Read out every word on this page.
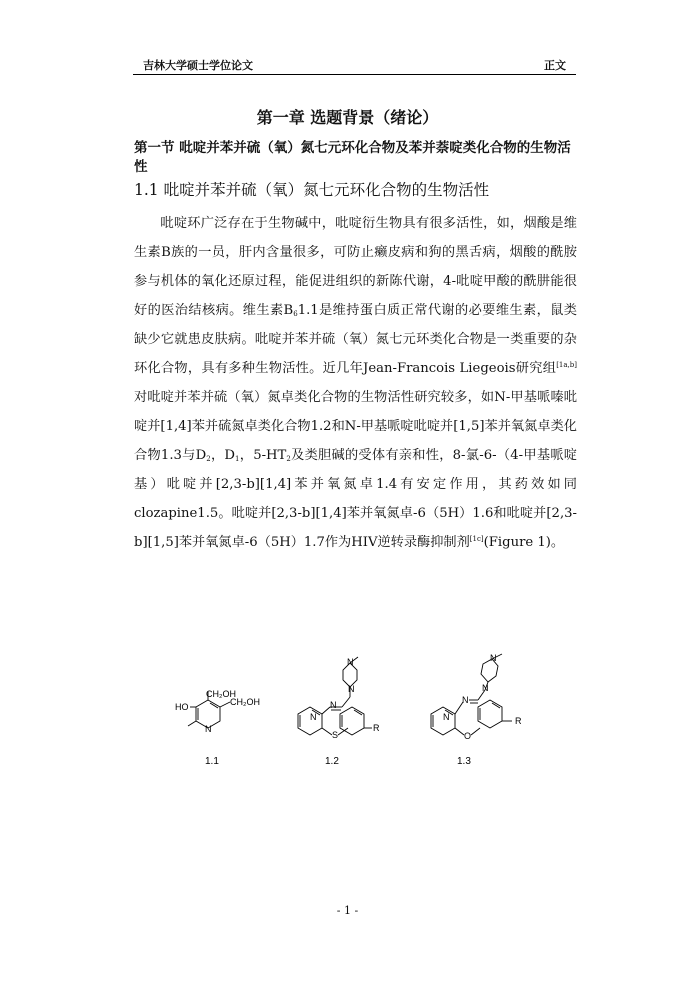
吉林大学硕士学位论文	正文
第一章 选题背景（绪论）
第一节 吡啶并苯并硫（氧）氮七元环化合物及苯并萘啶类化合物的生物活性
1.1 吡啶并苯并硫（氧）氮七元环化合物的生物活性

吡啶环广泛存在于生物碱中，吡啶衍生物具有很多活性，如，烟酸是维生素B族的一员，肝内含量很多，可防止癞皮病和狗的黑舌病，烟酸的酰胺参与机体的氧化还原过程，能促进组织的新陈代谢，4-吡啶甲酸的酰肼能很好的医治结核病。维生素$B_61.1$是维持蛋白质正常代谢的必要维生素，鼠类缺少它就患皮肤病。吡啶并苯并硫（氧）氮七元环类化合物是一类重要的杂环化合物，具有多种生物活性。近几年Jean-Francois Liegeois研究组[1a,b]对吡啶并苯并硫（氧）氮卓类化合物的生物活性研究较多，如N-甲基哌嗪吡啶并[1,4]苯并硫氮卓类化合物1.2和N-甲基哌啶吡啶并[1,5]苯并氧氮卓类化合物1.3与$D_2$，$D_1$，$5-HT_2$及类胆碱的受体有亲和性，8-氯-6-（4-甲基哌啶基）吡啶并[2,3-b][1,4]苯并氧氮卓1.4有安定作用，其药效如同clozapine1.5。吡啶并[2,3-b][1,4]苯并氧氮卓-6（5H）1.6和吡啶并[2,3-b][1,5]苯并氧氮卓-6（5H）1.7作为HIV逆转录酶抑制剂[1c](Figure 1)。

CH₂OH
CH₂OH
HO
N
N
N
S
N
N
R
N
N
O
N
N
R
1.1	1.2	1.3
- 1 -
